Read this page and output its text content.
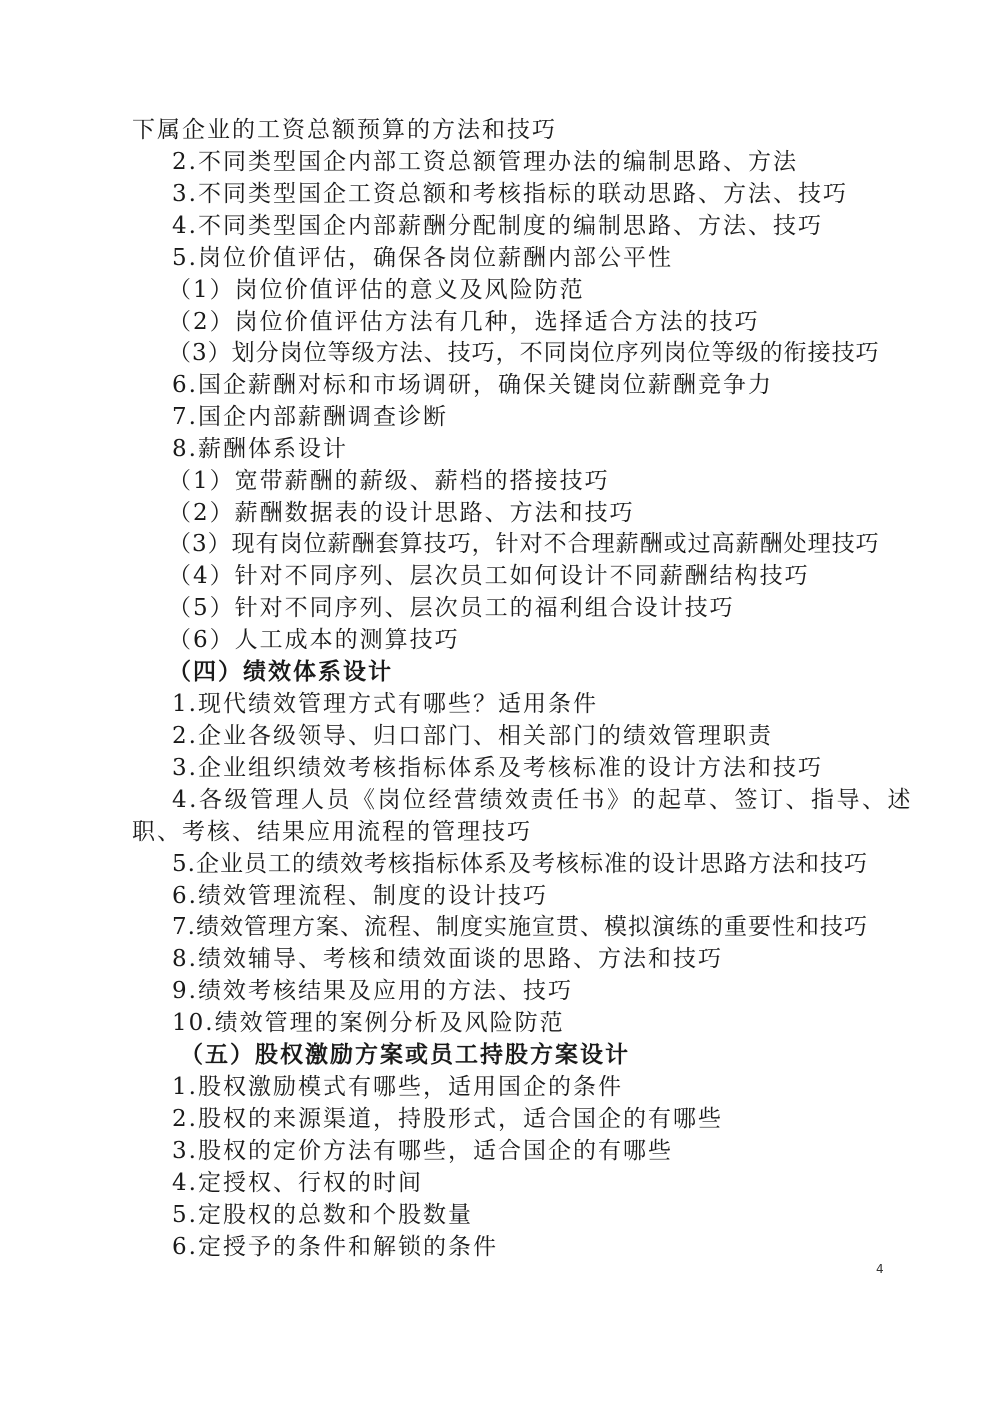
下属企业的工资总额预算的方法和技巧
2.不同类型国企内部工资总额管理办法的编制思路、方法
3.不同类型国企工资总额和考核指标的联动思路、方法、技巧
4.不同类型国企内部薪酬分配制度的编制思路、方法、技巧
5.岗位价值评估，确保各岗位薪酬内部公平性
（1）岗位价值评估的意义及风险防范
（2）岗位价值评估方法有几种，选择适合方法的技巧
（3）划分岗位等级方法、技巧，不同岗位序列岗位等级的衔接技巧
6.国企薪酬对标和市场调研，确保关键岗位薪酬竞争力
7.国企内部薪酬调查诊断
8.薪酬体系设计
（1）宽带薪酬的薪级、薪档的搭接技巧
（2）薪酬数据表的设计思路、方法和技巧
（3）现有岗位薪酬套算技巧，针对不合理薪酬或过高薪酬处理技巧
（4）针对不同序列、层次员工如何设计不同薪酬结构技巧
（5）针对不同序列、层次员工的福利组合设计技巧
（6）人工成本的测算技巧
（四）绩效体系设计
1.现代绩效管理方式有哪些？适用条件
2.企业各级领导、归口部门、相关部门的绩效管理职责
3.企业组织绩效考核指标体系及考核标准的设计方法和技巧
4.各级管理人员《岗位经营绩效责任书》的起草、签订、指导、述
职、考核、结果应用流程的管理技巧
5.企业员工的绩效考核指标体系及考核标准的设计思路方法和技巧
6.绩效管理流程、制度的设计技巧
7.绩效管理方案、流程、制度实施宣贯、模拟演练的重要性和技巧
8.绩效辅导、考核和绩效面谈的思路、方法和技巧
9.绩效考核结果及应用的方法、技巧
10.绩效管理的案例分析及风险防范
（五）股权激励方案或员工持股方案设计
1.股权激励模式有哪些，适用国企的条件
2.股权的来源渠道，持股形式，适合国企的有哪些
3.股权的定价方法有哪些，适合国企的有哪些
4.定授权、行权的时间
5.定股权的总数和个股数量
6.定授予的条件和解锁的条件
4
